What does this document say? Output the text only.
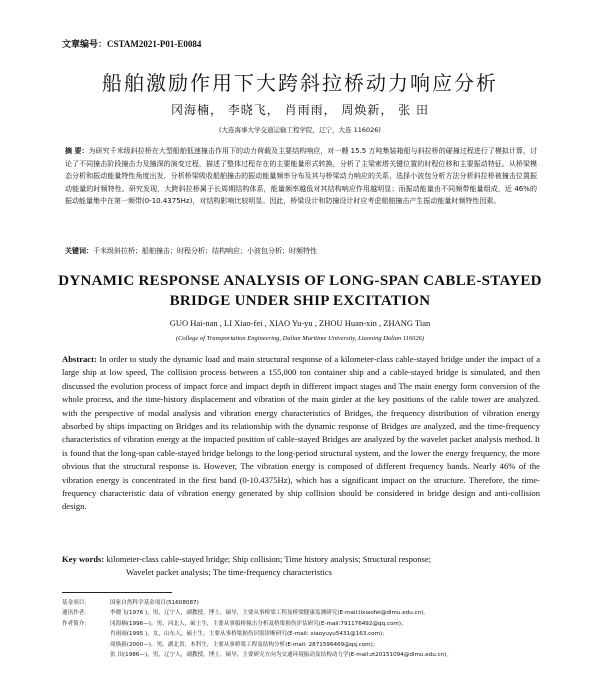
文章编号：CSTAM2021-P01-E0084
船舶激励作用下大跨斜拉桥动力响应分析
冈海楠， 李晓飞， 肖雨雨， 周焕新， 张 田
(大连海事大学交通运输工程学院，辽宁，大连 116026)
摘 要：为研究千米级斜拉桥在大型船舶低速撞击作用下的动力荷载及主要结构响应，对一艘 15.5 万吨集装箱船与斜拉桥的碰撞过程进行了模拟计算，讨论了不同撞击阶段撞击力及撞深的演变过程，描述了整体过程存在的主要能量形式转换，分析了主梁索塔关键位置的时程位移和主要振动特征。从桥梁模态分析和振动能量特性角度出发，分析桥梁吸收船舶撞击的振动能量频率分布及其与桥梁动力响应的关系，选择小波包分析方法分析斜拉桥被撞击位置振动能量的时频特性。研究发现，大跨斜拉桥属于长周期结构体系，能量频率越低对其结构响应作用越明显；而振动能量由不同频带能量组成，近 46%的振动能量集中在第一频带(0-10.4375Hz)，对结构影响比较明显。因此，桥梁设计和防撞设计时应考虑船舶撞击产生振动能量时频特性因素。
关键词：千米级斜拉桥；船舶撞击；时程分析；结构响应；小波包分析；时频特性
DYNAMIC RESPONSE ANALYSIS OF LONG-SPAN CABLE-STAYED
BRIDGE UNDER SHIP EXCITATION
GUO Hai-nan , LI Xiao-fei , XIAO Yu-yu , ZHOU Huan-xin , ZHANG Tian
(College of Transportation Engineering, Dalian Maritime University, Liaoning Dalian 116026)
Abstract: In order to study the dynamic load and main structural response of a kilometer-class cable-stayed bridge under the impact of a large ship at low speed, The collision process between a 155,000 ton container ship and a cable-stayed bridge is simulated, and then discussed the evolution process of impact force and impact depth in different impact stages and The main energy form conversion of the whole process, and the time-history displacement and vibration of the main girder at the key positions of the cable tower are analyzed. with the perspective of modal analysis and vibration energy characteristics of Bridges, the frequency distribution of vibration energy absorbed by ships impacting on Bridges and its relationship with the dynamic response of Bridges are analyzed, and the time-frequency characteristics of vibration energy at the impacted position of cable-stayed Bridges are analyzed by the wavelet packet analysis method. It is found that the long-span cable-stayed bridge belongs to the long-period structural system, and the lower the energy frequency, the more obvious that the structural response is. However, The vibration energy is composed of different frequency bands. Nearly 46% of the vibration energy is concentrated in the first band (0-10.4375Hz), which has a significant impact on the structure. Therefore, the time-frequency characteristic data of vibration energy generated by ship collision should be considered in bridge design and anti-collision design.
Key words: kilometer-class cable-stayed bridge; Ship collision; Time history analysis; Structural response;
Wavelet packet analysis; The time-frequency characteristics
基金项目：	国家自然科学基金项目(51608087)
通讯作者：	李晓飞(1976 )，男，辽宁人，副教授，博士，硕导，主要从事桥梁工程及桥梁健康监测研究(E-mail:lixiaofei@dlmu.edu.cn)。
作者简介：	冈海楠(1996—)，男，河北人，硕士生，主要从事船桥撞击分析及桥梁损伤评估研究(E-mail:791176492@qq.com)；
肖雨雨(1995 )，女，山东人，硕士生，主要从事桥梁损伤识别诊断研究(E-mail: xiaoyuyu5431@163.com)；
周焕新(2000—)，男，湖北省，本科生，主要从事桥梁工程及结构分析(E-mail: 2871596469@qq.com)；
张 田(1986—)，男，辽宁人，副教授，博士，硕导，主要研究方向为交通环境振动及结构动力学(E-mail:zt20151094@dlmu.edu.cn)。
